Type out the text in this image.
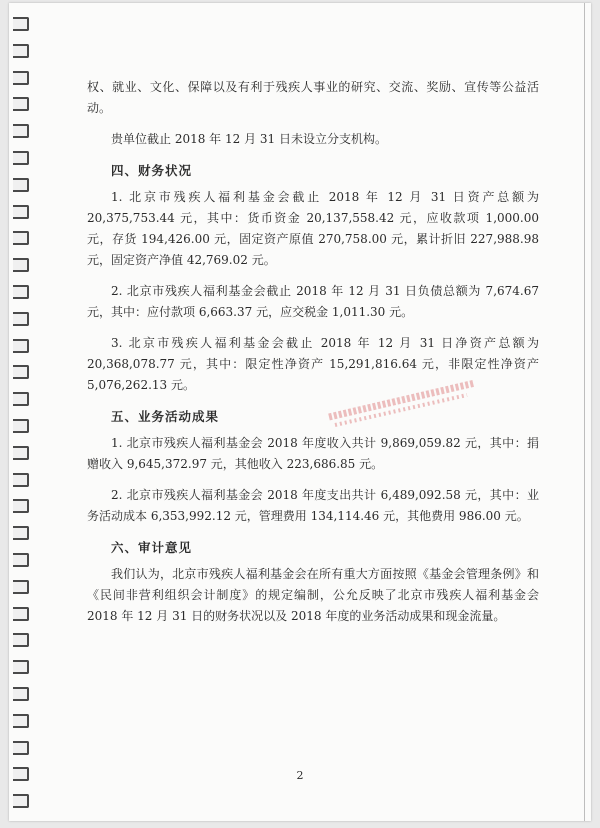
权、就业、文化、保障以及有利于残疾人事业的研究、交流、奖励、宣传等公益活动。

贵单位截止 2018 年 12 月 31 日未设立分支机构。

四、财务状况

1. 北京市残疾人福利基金会截止 2018 年 12 月 31 日资产总额为 20,375,753.44 元，其中：货币资金 20,137,558.42 元，应收款项 1,000.00 元，存货 194,426.00 元，固定资产原值 270,758.00 元，累计折旧 227,988.98 元，固定资产净值 42,769.02 元。

2. 北京市残疾人福利基金会截止 2018 年 12 月 31 日负债总额为 7,674.67 元，其中：应付款项 6,663.37 元，应交税金 1,011.30 元。

3. 北京市残疾人福利基金会截止 2018 年 12 月 31 日净资产总额为 20,368,078.77 元，其中：限定性净资产 15,291,816.64 元，非限定性净资产 5,076,262.13 元。

五、业务活动成果

1. 北京市残疾人福利基金会 2018 年度收入共计 9,869,059.82 元，其中：捐赠收入 9,645,372.97 元，其他收入 223,686.85 元。

2. 北京市残疾人福利基金会 2018 年度支出共计 6,489,092.58 元，其中：业务活动成本 6,353,992.12 元，管理费用 134,114.46 元，其他费用 986.00 元。

六、审计意见

我们认为，北京市残疾人福利基金会在所有重大方面按照《基金会管理条例》和《民间非营利组织会计制度》的规定编制，公允反映了北京市残疾人福利基金会 2018 年 12 月 31 日的财务状况以及 2018 年度的业务活动成果和现金流量。

2
